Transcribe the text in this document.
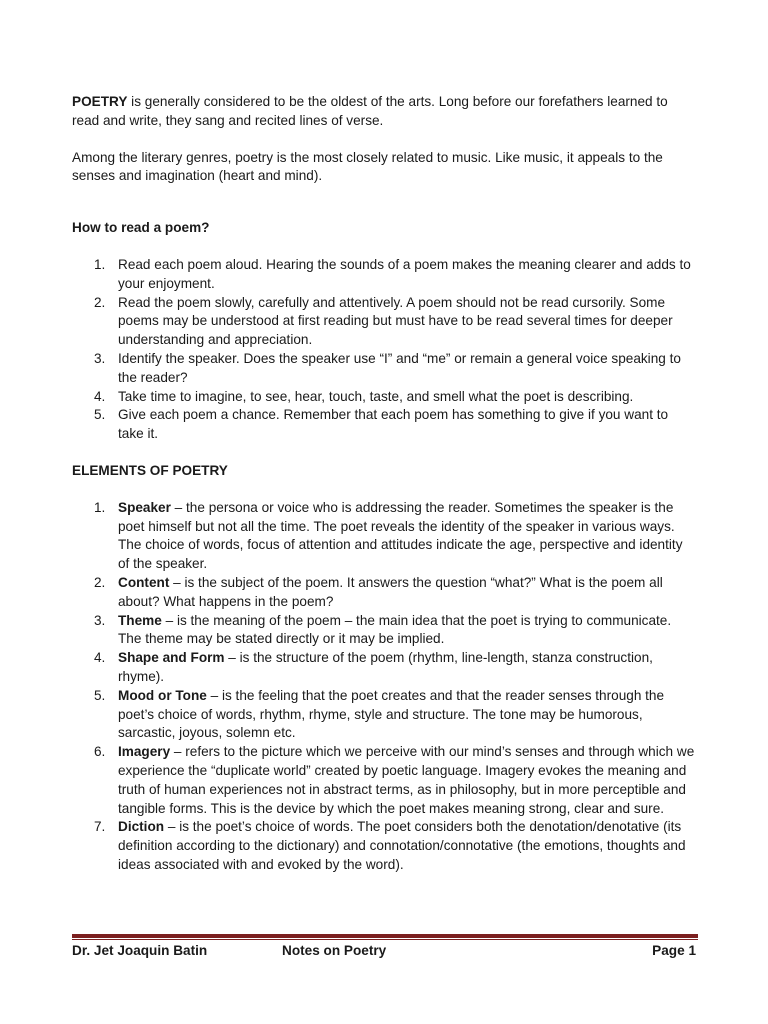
POETRY is generally considered to be the oldest of the arts. Long before our forefathers learned to read and write, they sang and recited lines of verse.

Among the literary genres, poetry is the most closely related to music. Like music, it appeals to the senses and imagination (heart and mind).

How to read a poem?

1. Read each poem aloud. Hearing the sounds of a poem makes the meaning clearer and adds to your enjoyment.
2. Read the poem slowly, carefully and attentively. A poem should not be read cursorily. Some poems may be understood at first reading but must have to be read several times for deeper understanding and appreciation.
3. Identify the speaker. Does the speaker use “I” and “me” or remain a general voice speaking to the reader?
4. Take time to imagine, to see, hear, touch, taste, and smell what the poet is describing.
5. Give each poem a chance. Remember that each poem has something to give if you want to take it.

ELEMENTS OF POETRY

1. Speaker – the persona or voice who is addressing the reader. Sometimes the speaker is the poet himself but not all the time. The poet reveals the identity of the speaker in various ways. The choice of words, focus of attention and attitudes indicate the age, perspective and identity of the speaker.
2. Content – is the subject of the poem. It answers the question “what?” What is the poem all about? What happens in the poem?
3. Theme – is the meaning of the poem – the main idea that the poet is trying to communicate. The theme may be stated directly or it may be implied.
4. Shape and Form – is the structure of the poem (rhythm, line-length, stanza construction, rhyme).
5. Mood or Tone – is the feeling that the poet creates and that the reader senses through the poet’s choice of words, rhythm, rhyme, style and structure. The tone may be humorous, sarcastic, joyous, solemn etc.
6. Imagery – refers to the picture which we perceive with our mind’s senses and through which we experience the “duplicate world” created by poetic language. Imagery evokes the meaning and truth of human experiences not in abstract terms, as in philosophy, but in more perceptible and tangible forms. This is the device by which the poet makes meaning strong, clear and sure.
7. Diction – is the poet’s choice of words. The poet considers both the denotation/denotative (its definition according to the dictionary) and connotation/connotative (the emotions, thoughts and ideas associated with and evoked by the word).
Dr. Jet Joaquin Batin	Notes on Poetry	Page 1
